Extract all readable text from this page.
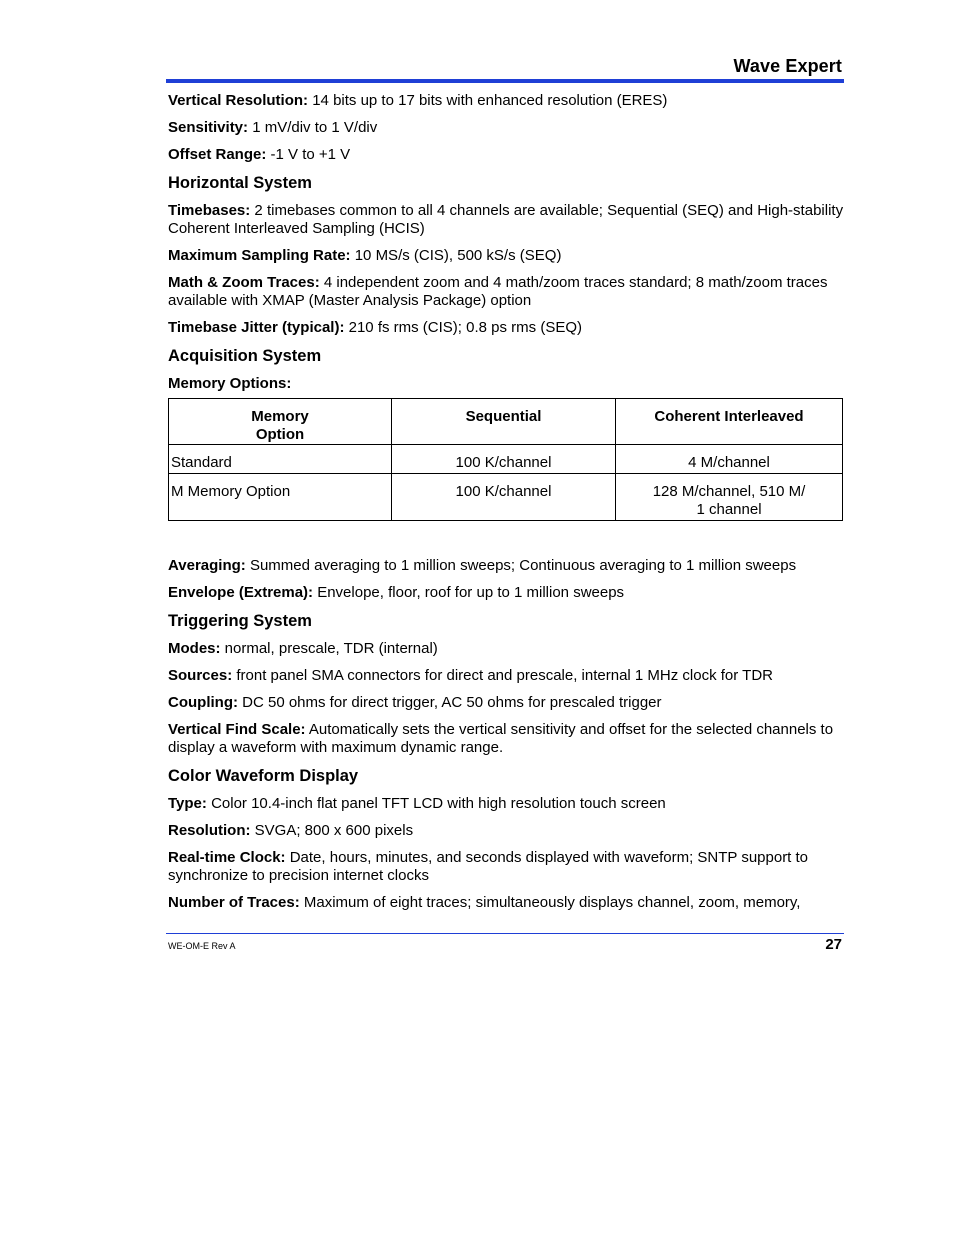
Wave Expert

Vertical Resolution: 14 bits up to 17 bits with enhanced resolution (ERES)

Sensitivity: 1 mV/div to 1 V/div

Offset Range: -1 V to +1 V

Horizontal System

Timebases: 2 timebases common to all 4 channels are available; Sequential (SEQ) and High-stability Coherent Interleaved Sampling (HCIS)

Maximum Sampling Rate: 10 MS/s (CIS), 500 kS/s (SEQ)

Math & Zoom Traces: 4 independent zoom and 4 math/zoom traces standard; 8 math/zoom traces available with XMAP (Master Analysis Package) option

Timebase Jitter (typical): 210 fs rms (CIS); 0.8 ps rms (SEQ)

Acquisition System

Memory Options:

Memory
Option	Sequential	Coherent Interleaved
Standard	100 K/channel	4 M/channel
M Memory Option	100 K/channel	128 M/channel, 510 M/
1 channel

Averaging: Summed averaging to 1 million sweeps; Continuous averaging to 1 million sweeps

Envelope (Extrema): Envelope, floor, roof for up to 1 million sweeps

Triggering System

Modes: normal, prescale, TDR (internal)

Sources: front panel SMA connectors for direct and prescale, internal 1 MHz clock for TDR

Coupling: DC 50 ohms for direct trigger, AC 50 ohms for prescaled trigger

Vertical Find Scale: Automatically sets the vertical sensitivity and offset for the selected channels to display a waveform with maximum dynamic range.

Color Waveform Display

Type: Color 10.4-inch flat panel TFT LCD with high resolution touch screen

Resolution: SVGA; 800 x 600 pixels

Real-time Clock: Date, hours, minutes, and seconds displayed with waveform; SNTP support to synchronize to precision internet clocks

Number of Traces: Maximum of eight traces; simultaneously displays channel, zoom, memory,

WE-OM-E Rev A	27
